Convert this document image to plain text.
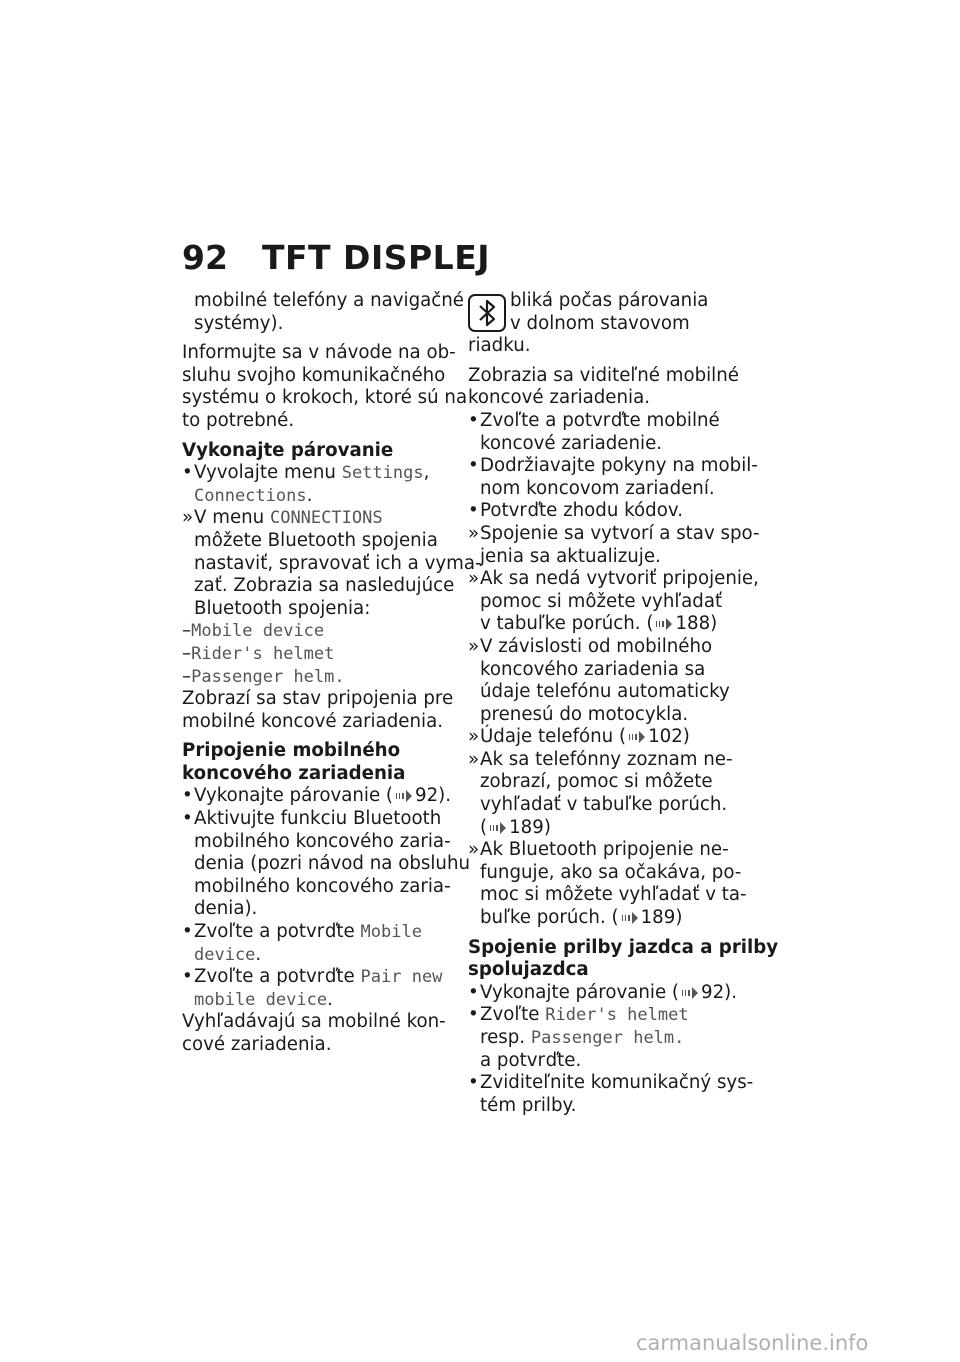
92 TFT DISPLEJ
mobilné telefóny a navigačné
systémy).
Informujte sa v návode na ob-
sluhu svojho komunikačného
systému o krokoch, ktoré sú na
to potrebné.
Vykonajte párovanie
•Vyvolajte menu Settings,
Connections.
»V menu CONNECTIONS
môžete Bluetooth spojenia
nastaviť, spravovať ich a vyma-
zať. Zobrazia sa nasledujúce
Bluetooth spojenia:
–Mobile device
–Rider's helmet
–Passenger helm.
Zobrazí sa stav pripojenia pre
mobilné koncové zariadenia.
Pripojenie mobilného
koncového zariadenia
•Vykonajte párovanie ( 92).
•Aktivujte funkciu Bluetooth
mobilného koncového zaria-
denia (pozri návod na obsluhu
mobilného koncového zaria-
denia).
•Zvoľte a potvrďte Mobile
device.
•Zvoľte a potvrďte Pair new
mobile device.
Vyhľadávajú sa mobilné kon-
cové zariadenia.
bliká počas párovania
v dolnom stavovom
riadku.
Zobrazia sa viditeľné mobilné
koncové zariadenia.
•Zvoľte a potvrďte mobilné
koncové zariadenie.
•Dodržiavajte pokyny na mobil-
nom koncovom zariadení.
•Potvrďte zhodu kódov.
»Spojenie sa vytvorí a stav spo-
jenia sa aktualizuje.
»Ak sa nedá vytvoriť pripojenie,
pomoc si môžete vyhľadať
v tabuľke porúch. ( 188)
»V závislosti od mobilného
koncového zariadenia sa
údaje telefónu automaticky
prenesú do motocykla.
»Údaje telefónu ( 102)
»Ak sa telefónny zoznam ne-
zobrazí, pomoc si môžete
vyhľadať v tabuľke porúch.
( 189)
»Ak Bluetooth pripojenie ne-
funguje, ako sa očakáva, po-
moc si môžete vyhľadať v ta-
buľke porúch. ( 189)
Spojenie prilby jazdca a prilby
spolujazdca
•Vykonajte párovanie ( 92).
•Zvoľte Rider's helmet
resp. Passenger helm.
a potvrďte.
•Zviditeľnite komunikačný sys-
tém prilby.
carmanualsonline.info
